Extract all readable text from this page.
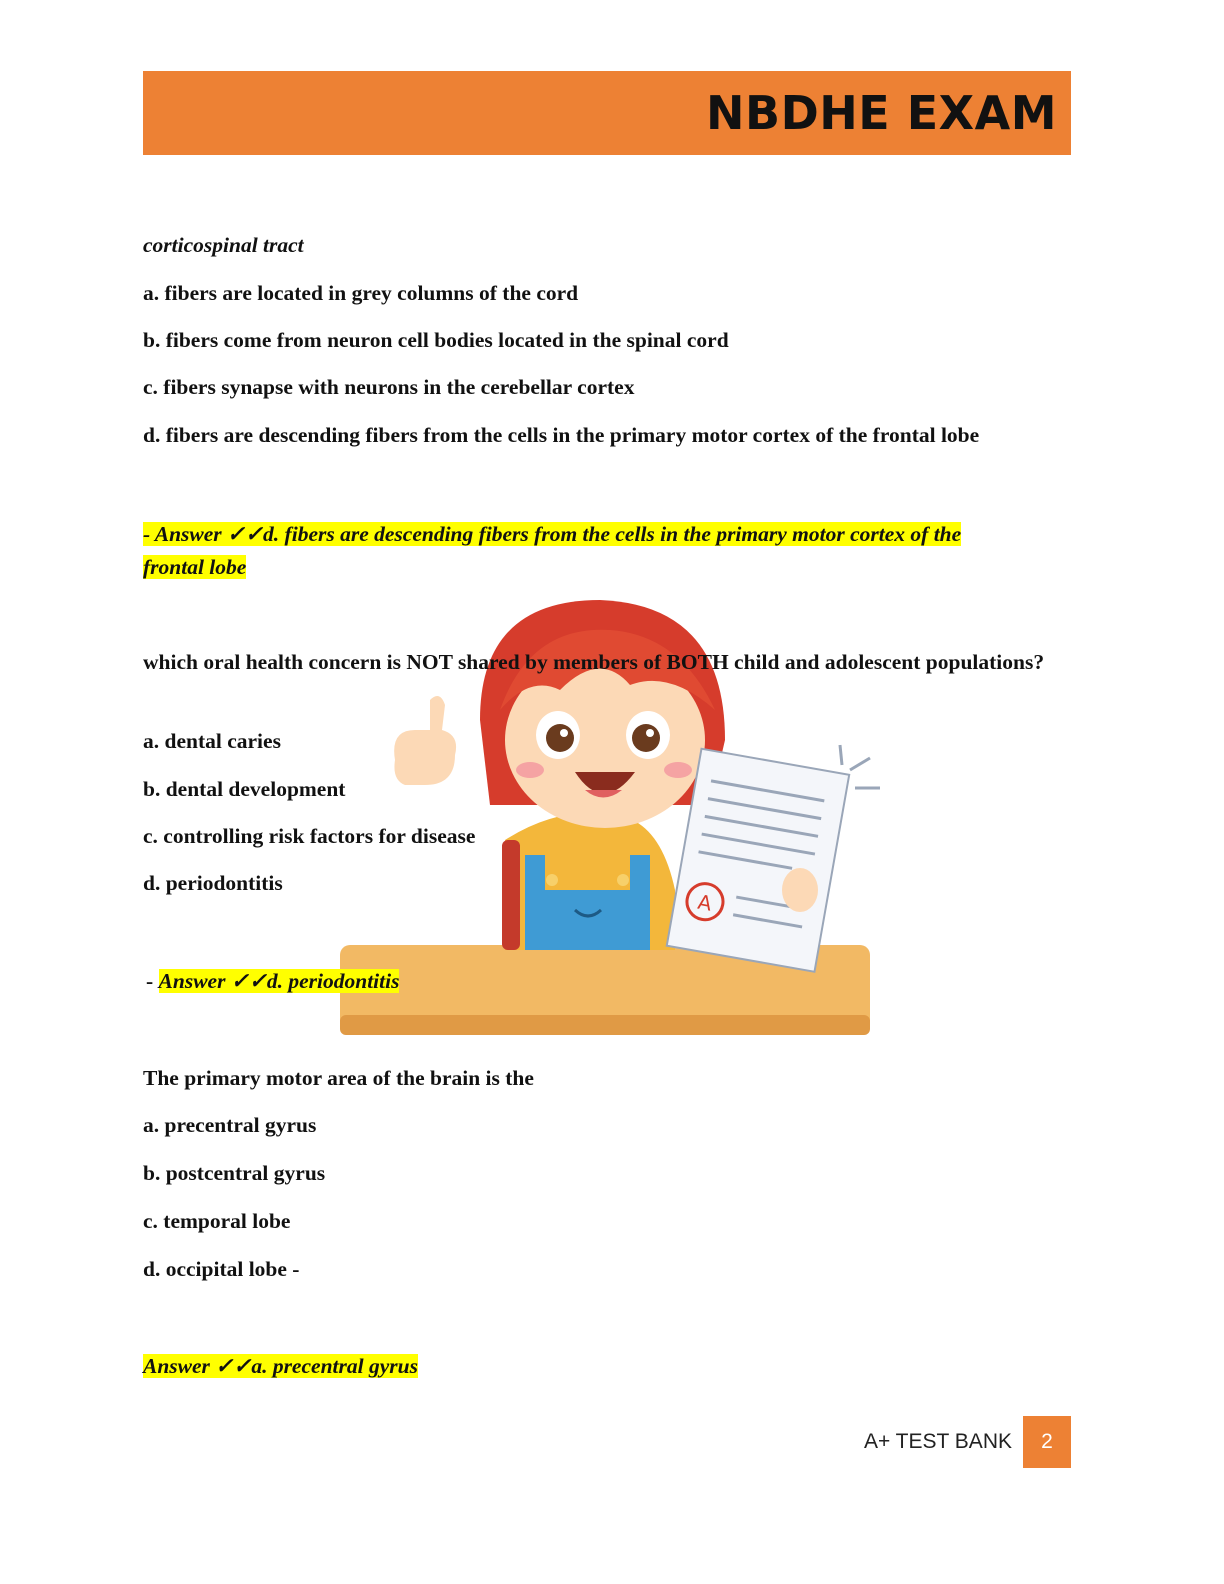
NBDHE EXAM
A
corticospinal tract
a. fibers are located in grey columns of the cord
b. fibers come from neuron cell bodies located in the spinal cord
c. fibers synapse with neurons in the cerebellar cortex
d. fibers are descending fibers from the cells in the primary motor cortex of the frontal lobe
- Answer ✓✓d. fibers are descending fibers from the cells in the primary motor cortex of the
frontal lobe
which oral health concern is NOT shared by members of BOTH child and adolescent populations?
a. dental caries
b. dental development
c. controlling risk factors for disease
d. periodontitis
- Answer ✓✓d. periodontitis
The primary motor area of the brain is the
a. precentral gyrus
b. postcentral gyrus
c. temporal lobe
d. occipital lobe -
Answer ✓✓a. precentral gyrus
A+ TEST BANK	2
